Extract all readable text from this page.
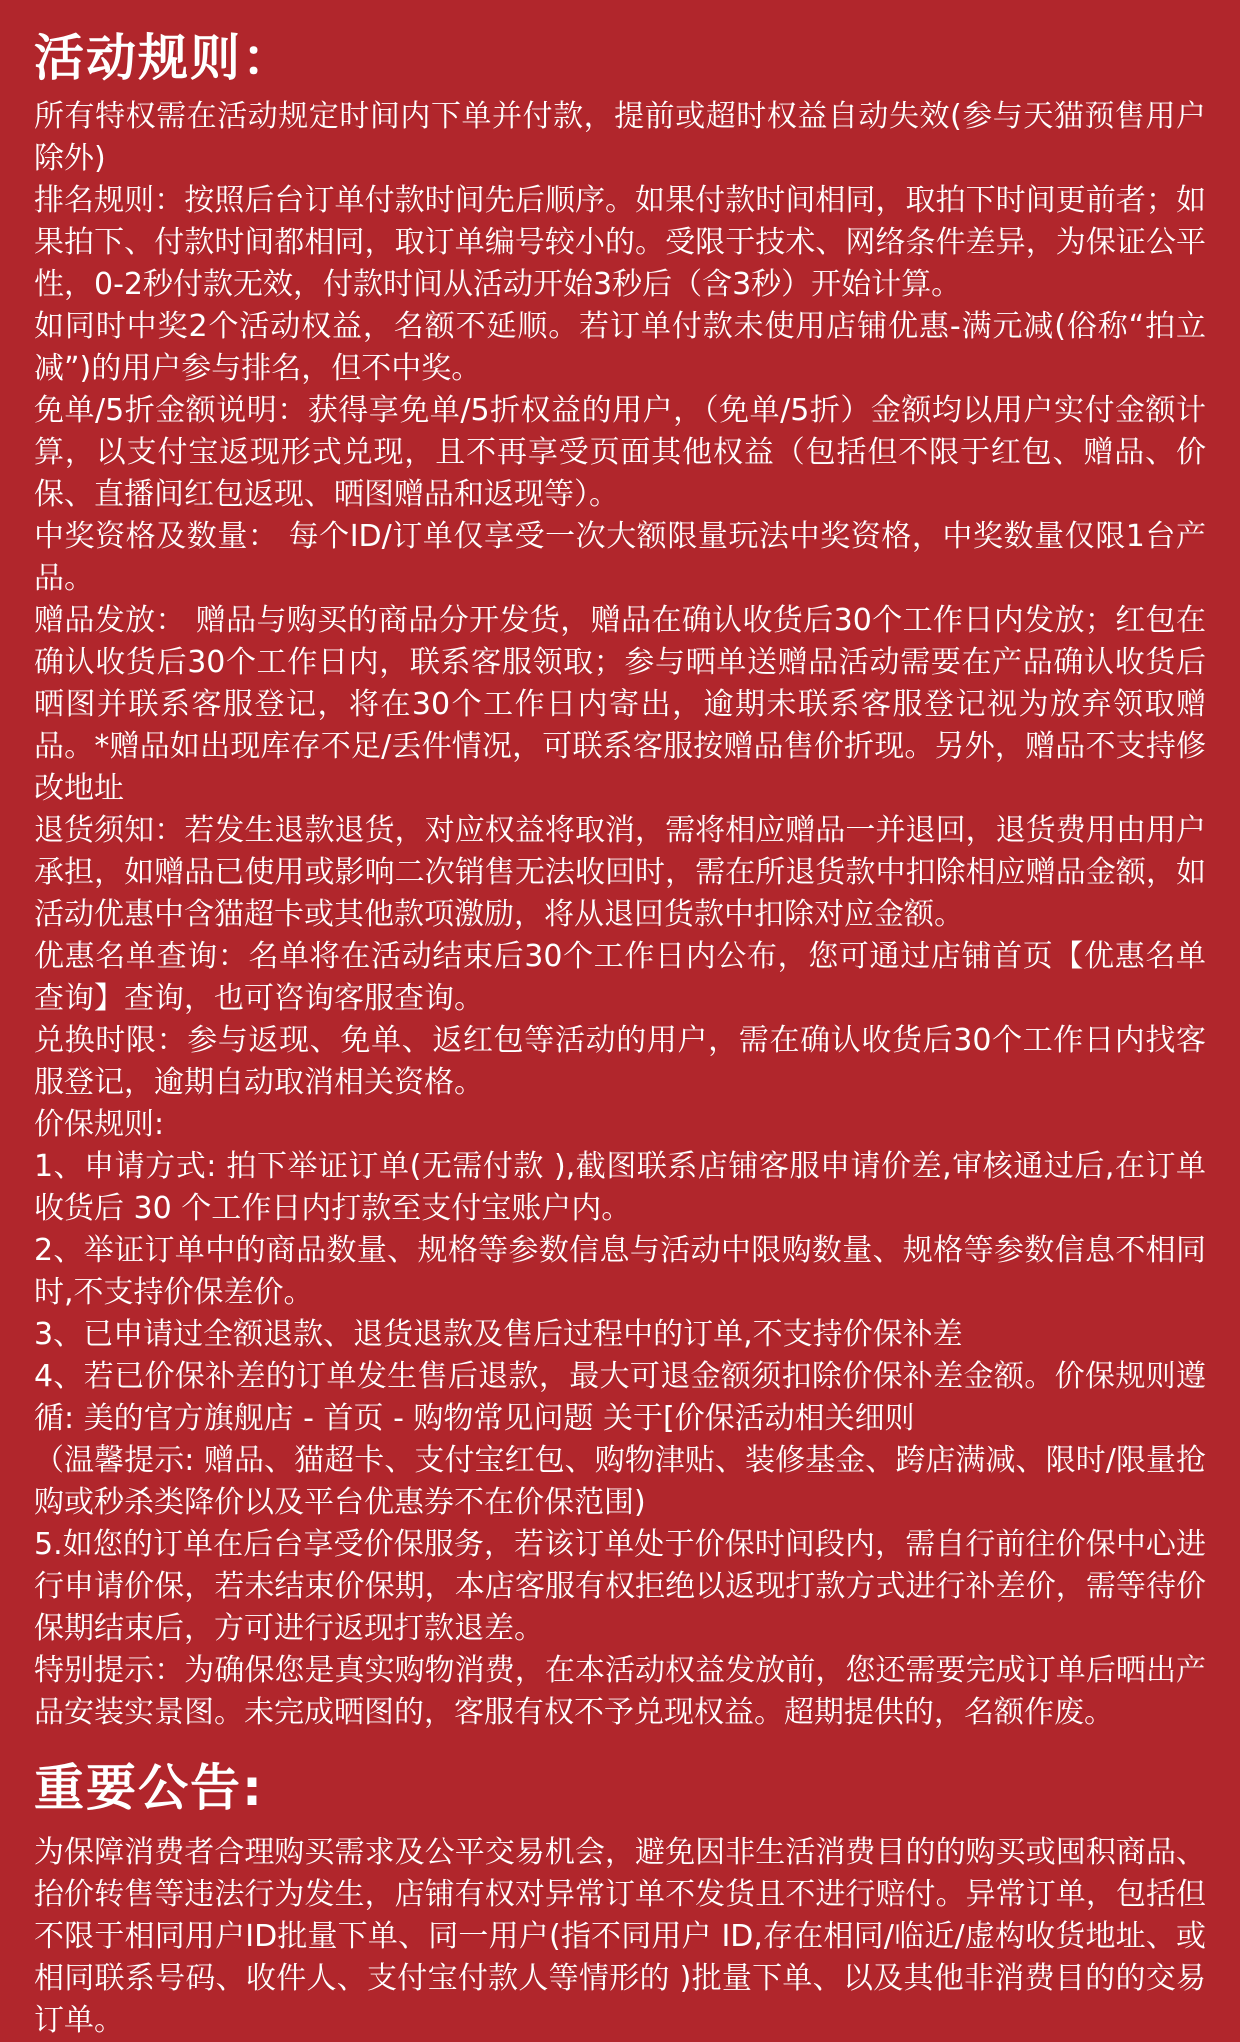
活动规则：

所有特权需在活动规定时间内下单并付款，提前或超时权益自动失效(参与天猫预售用户除外)

排名规则：按照后台订单付款时间先后顺序。如果付款时间相同，取拍下时间更前者；如果拍下、付款时间都相同，取订单编号较小的。受限于技术、网络条件差异，为保证公平性，0-2秒付款无效，付款时间从活动开始3秒后（含3秒）开始计算。

如同时中奖2个活动权益，名额不延顺。若订单付款未使用店铺优惠-满元减(俗称“拍立减”)的用户参与排名，但不中奖。

免单/5折金额说明：获得享免单/5折权益的用户，（免单/5折）金额均以用户实付金额计算，以支付宝返现形式兑现，且不再享受页面其他权益（包括但不限于红包、赠品、价保、直播间红包返现、晒图赠品和返现等）。

中奖资格及数量： 每个ID/订单仅享受一次大额限量玩法中奖资格，中奖数量仅限1台产品。

赠品发放： 赠品与购买的商品分开发货，赠品在确认收货后30个工作日内发放；红包在确认收货后30个工作日内，联系客服领取；参与晒单送赠品活动需要在产品确认收货后晒图并联系客服登记，将在30个工作日内寄出，逾期未联系客服登记视为放弃领取赠品。*赠品如出现库存不足/丢件情况，可联系客服按赠品售价折现。另外，赠品不支持修改地址

退货须知：若发生退款退货，对应权益将取消，需将相应赠品一并退回，退货费用由用户承担，如赠品已使用或影响二次销售无法收回时，需在所退货款中扣除相应赠品金额，如活动优惠中含猫超卡或其他款项激励，将从退回货款中扣除对应金额。

优惠名单查询：名单将在活动结束后30个工作日内公布，您可通过店铺首页【优惠名单查询】查询，也可咨询客服查询。

兑换时限：参与返现、免单、返红包等活动的用户，需在确认收货后30个工作日内找客服登记，逾期自动取消相关资格。

价保规则:

1、申请方式: 拍下举证订单(无需付款 ),截图联系店铺客服申请价差,审核通过后,在订单收货后 30 个工作日内打款至支付宝账户内。

2、举证订单中的商品数量、规格等参数信息与活动中限购数量、规格等参数信息不相同时,不支持价保差价。

3、已申请过全额退款、退货退款及售后过程中的订单,不支持价保补差

4、若已价保补差的订单发生售后退款，最大可退金额须扣除价保补差金额。价保规则遵循: 美的官方旗舰店 - 首页 - 购物常见问题 关于[价保活动相关细则

（温馨提示: 赠品、猫超卡、支付宝红包、购物津贴、装修基金、跨店满减、限时/限量抢购或秒杀类降价以及平台优惠券不在价保范围)

5.如您的订单在后台享受价保服务，若该订单处于价保时间段内，需自行前往价保中心进行申请价保，若未结束价保期，本店客服有权拒绝以返现打款方式进行补差价，需等待价保期结束后，方可进行返现打款退差。

特别提示：为确保您是真实购物消费，在本活动权益发放前，您还需要完成订单后晒出产品安装实景图。未完成晒图的，客服有权不予兑现权益。超期提供的，名额作废。

重要公告:

为保障消费者合理购买需求及公平交易机会，避免因非生活消费目的的购买或囤积商品、抬价转售等违法行为发生，店铺有权对异常订单不发货且不进行赔付。异常订单，包括但不限于相同用户ID批量下单、同一用户(指不同用户 ID,存在相同/临近/虚构收货地址、或相同联系号码、收件人、支付宝付款人等情形的 )批量下单、以及其他非消费目的的交易订单。
